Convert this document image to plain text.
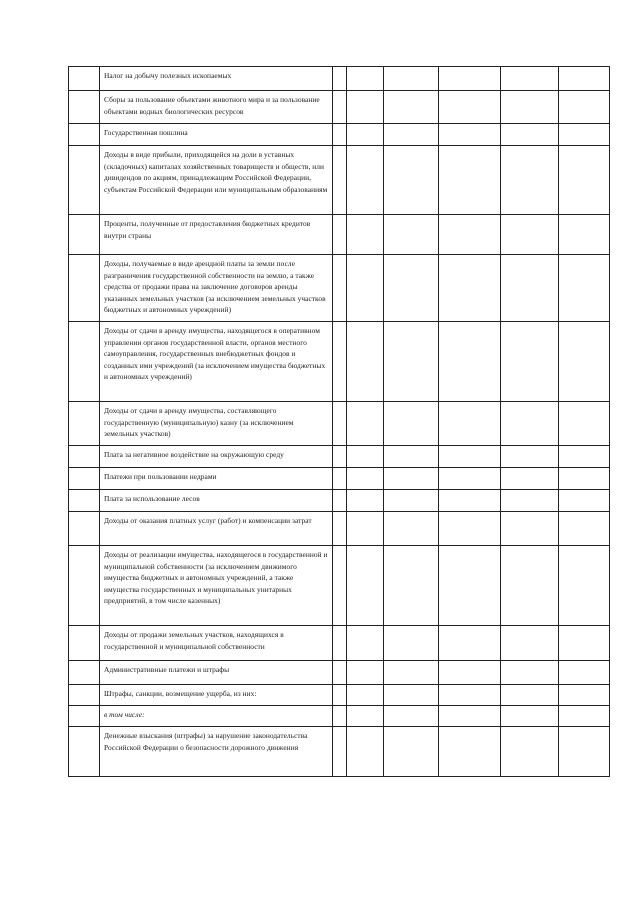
	Налог на добычу полезных ископаемых						

	Сборы за пользование объектами животного мира и за пользование объектами водных биологических ресурсов						

	Государственная пошлина						

	Доходы в виде прибыли, приходящейся на доли в уставных (складочных) капиталах хозяйственных товариществ и обществ, или дивидендов по акциям, принадлежащим Российской Федерации, субъектам Российской Федерации или муниципальным образованиям						

	Проценты, полученные от предоставления бюджетных кредитов внутри страны						

	Доходы, получаемые в виде арендной платы за земли после разграничения государственной собственности на землю, а также средства от продажи права на заключение договоров аренды указанных земельных участков (за исключением земельных участков бюджетных и автономных учреждений)						

	Доходы от сдачи в аренду имущества, находящегося в оперативном управлении органов государственной власти, органов местного самоуправления, государственных внебюджетных фондов и созданных ими учреждений (за исключением имущества бюджетных и автономных учреждений)						

	Доходы от сдачи в аренду имущества, составляющего государственную (муниципальную) казну (за исключением земельных участков)						

	Плата за негативное воздействие на окружающую среду						

	Платежи при пользовании недрами						

	Плата за использование лесов						

	Доходы от оказания платных услуг (работ) и компенсации затрат						

	Доходы от реализации имущества, находящегося в государственной и муниципальной собственности (за исключением движимого имущества бюджетных и автономных учреждений, а также имущества государственных и муниципальных унитарных предприятий, в том числе казенных)						

	Доходы от продажи земельных участков, находящихся в государственной и муниципальной собственности						

	Административные платежи и штрафы						

	Штрафы, санкции, возмещение ущерба, из них:						

	в том числе:						

	Денежные взыскания (штрафы) за нарушение законодательства Российской Федерации о безопасности дорожного движения						
